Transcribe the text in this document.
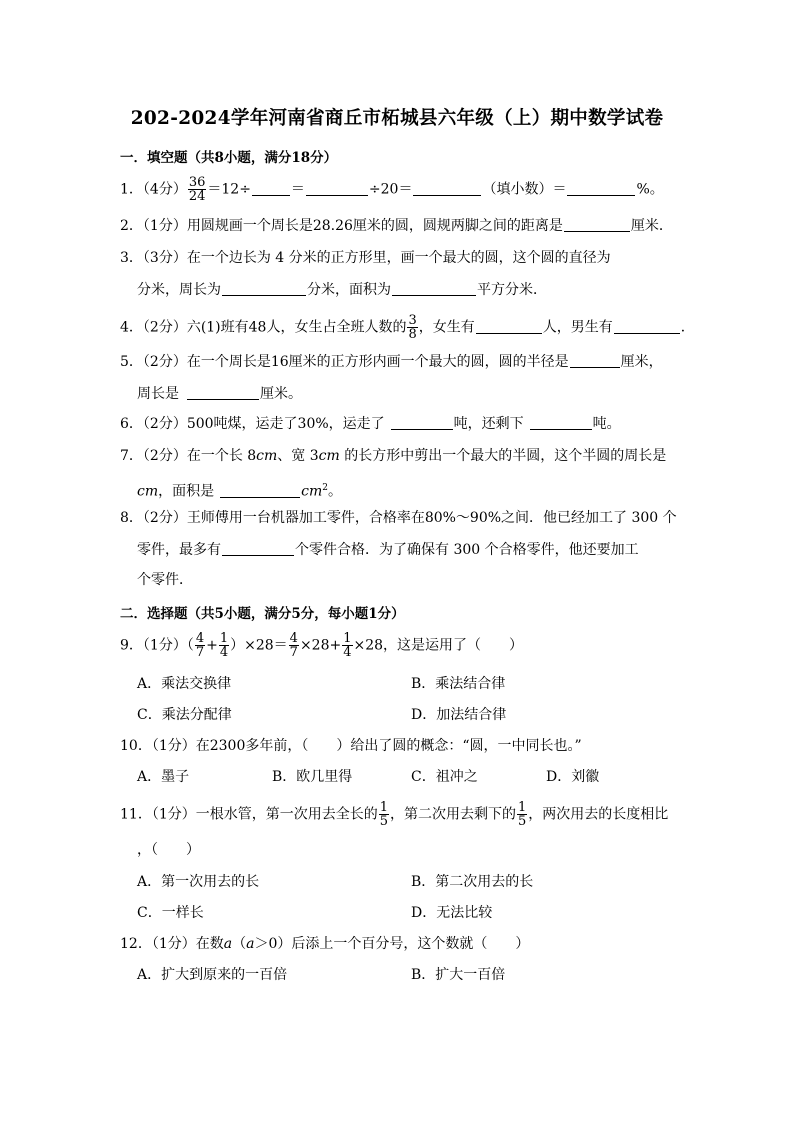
202-2024学年河南省商丘市柘城县六年级（上）期中数学试卷
一．填空题（共8小题，满分18分）
1．（4分） $\frac{36}{24} =12\div$	＝	÷20＝	（填小数）＝	%。
2．（1分）用圆规画一个周长是28.26厘米的圆，圆规两脚之间的距离是	厘米．
3．（3分）在一个边长为 4 分米的正方形里，画一个最大的圆，这个圆的直径为
分米，周长为	分米，面积为	平方分米．
4．（2分）六(1)班有48人，女生占全班人数的 $\frac{3}{8}$ ，女生有	人，男生有	．
5．（2分）在一个周长是16厘米的正方形内画一个最大的圆，圆的半径是	厘米，
周长是	厘米。
6．（2分）500吨煤，运走了30%，运走了	吨，还剩下	吨。
7．（2分）在一个长 8cm、宽 3cm 的长方形中剪出一个最大的半圆，这个半圆的周长是
cm，面积是	$cm^2$。
8．（2分）王师傅用一台机器加工零件，合格率在80%～90%之间．他已经加工了 300 个
零件，最多有	个零件合格．为了确保有 300 个合格零件，他还要加工
个零件．
二．选择题（共5小题，满分5分，每小题1分）
9．（1分）（ $\frac{4}{7} + \frac{1}{4} )\times 28= \frac{4}{7} \times 28+ \frac{1}{4} \times 28$，这是运用了（　　）
A．乘法交换律	B．乘法结合律
C．乘法分配律	D．加法结合律
10．（1分）在2300多年前，（　　）给出了圆的概念：“圆，一中同长也。”
A．墨子	B．欧几里得	C．祖冲之	D．刘徽
11．（1分）一根水管，第一次用去全长的 $\frac{1}{5}$ ，第二次用去剩下的 $\frac{1}{5}$ ，两次用去的长度相比
，（　　）
A．第一次用去的长	B．第二次用去的长
C．一样长	D．无法比较
12．（1分）在数a（a＞0）后添上一个百分号，这个数就（　　）
A．扩大到原来的一百倍	B．扩大一百倍
